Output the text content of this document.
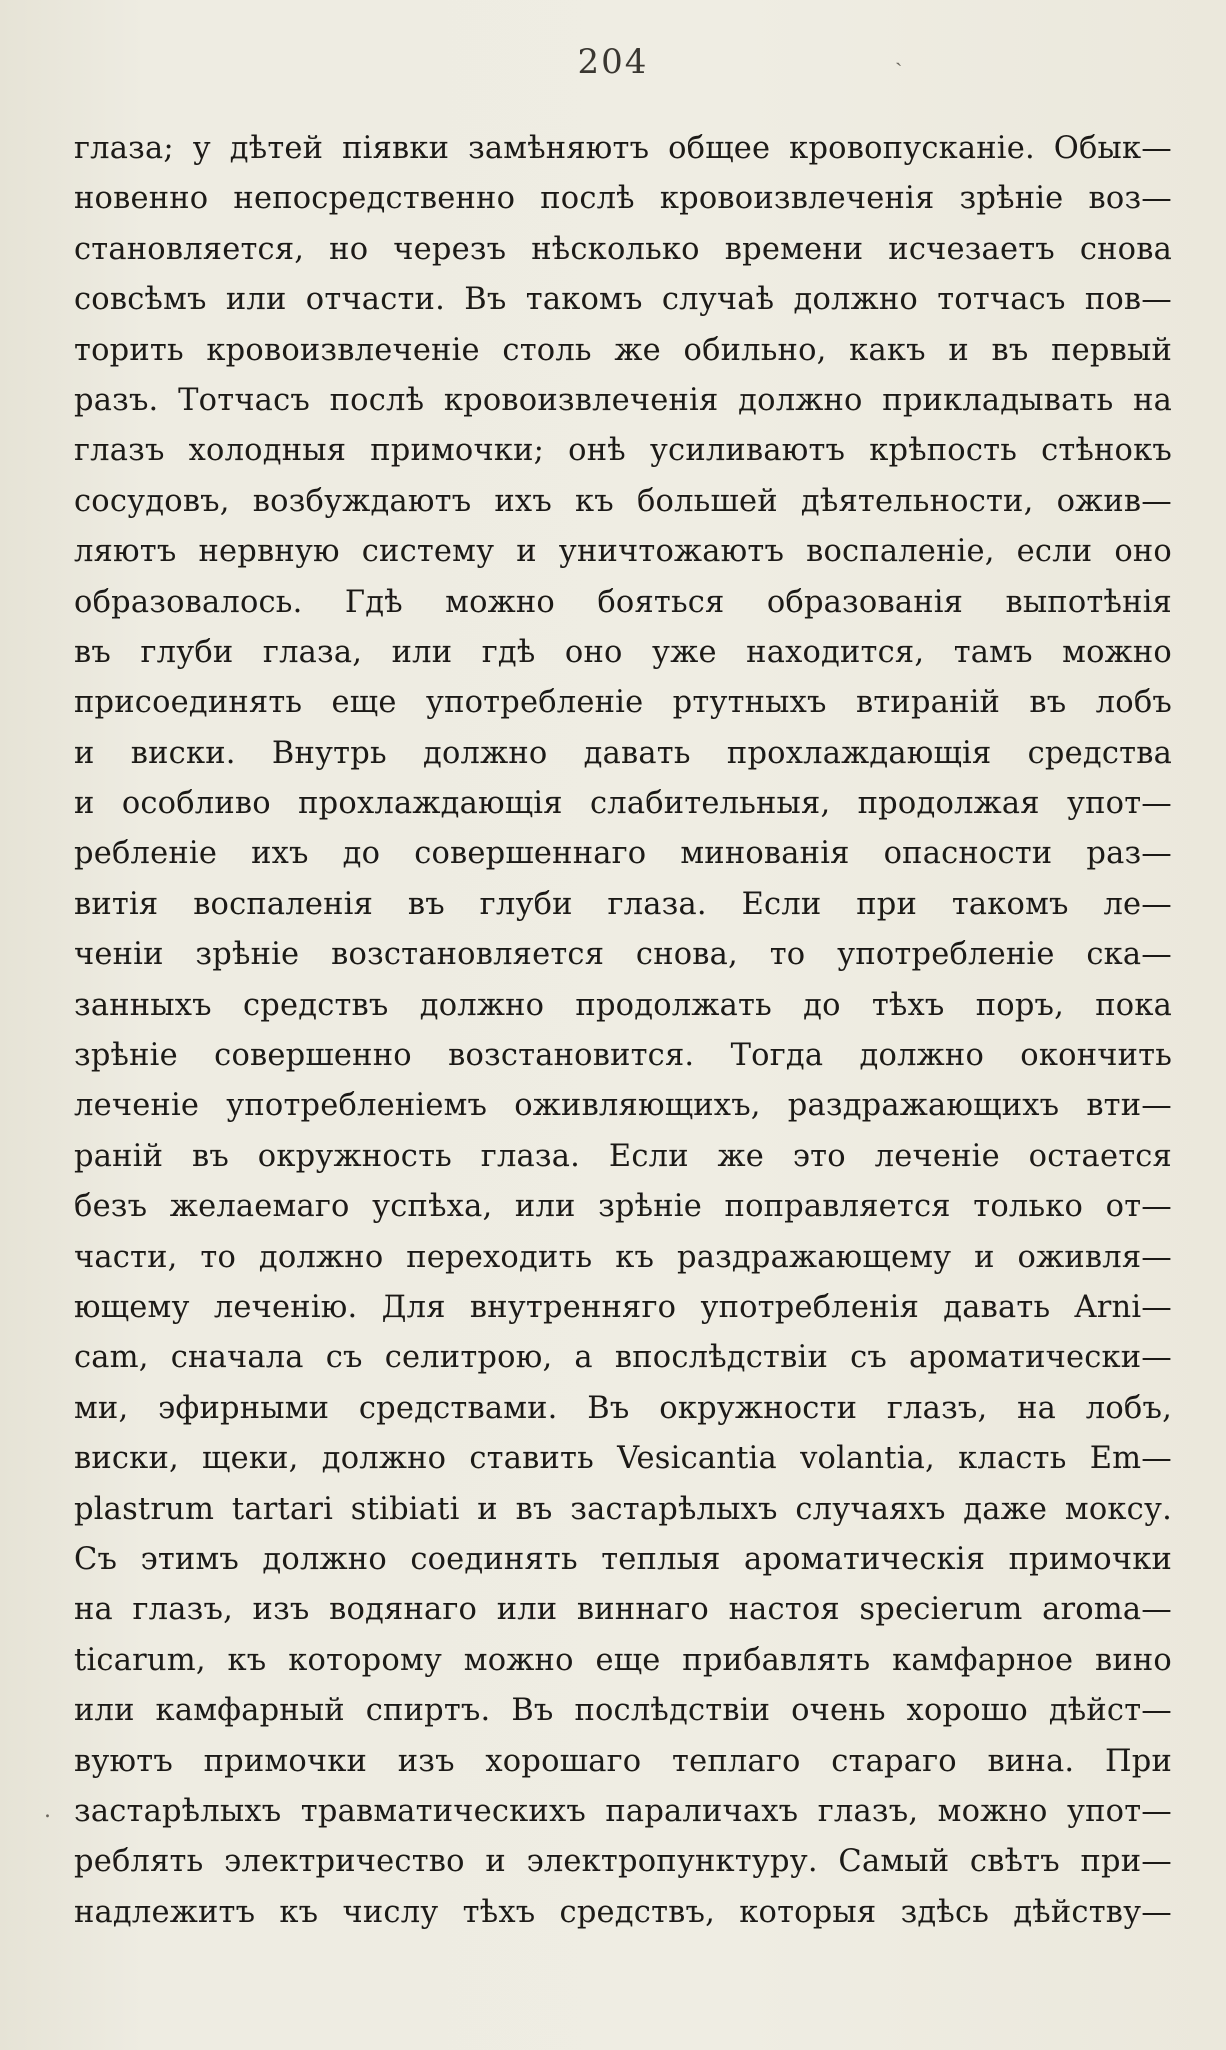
204
глаза; у дѣтей піявки замѣняютъ общее кровопусканіе. Обык—
новенно непосредственно послѣ кровоизвлеченія зрѣніе воз—
становляется, но черезъ нѣсколько времени исчезаетъ снова
совсѣмъ или отчасти. Въ такомъ случаѣ должно тотчасъ пов—
торить кровоизвлеченіе столь же обильно, какъ и въ первый
разъ. Тотчасъ послѣ кровоизвлеченія должно прикладывать на
глазъ холодныя примочки; онѣ усиливаютъ крѣпость стѣнокъ
сосудовъ, возбуждаютъ ихъ къ большей дѣятельности, ожив—
ляютъ нервную систему и уничтожаютъ воспаленіе, если оно
образовалось. Гдѣ можно бояться образованія выпотѣнія
въ глуби глаза, или гдѣ оно уже находится, тамъ можно
присоединять еще употребленіе ртутныхъ втираній въ лобъ
и виски. Внутрь должно давать прохлаждающія средства
и особливо прохлаждающія слабительныя, продолжая упот—
ребленіе ихъ до совершеннаго минованія опасности раз—
витія воспаленія въ глуби глаза. Если при такомъ ле—
ченіи зрѣніе возстановляется снова, то употребленіе ска—
занныхъ средствъ должно продолжать до тѣхъ поръ, пока
зрѣніе совершенно возстановится. Тогда должно окончить
леченіе употребленіемъ оживляющихъ, раздражающихъ вти—
раній въ окружность глаза. Если же это леченіе остается
безъ желаемаго успѣха, или зрѣніе поправляется только от—
части, то должно переходить къ раздражающему и оживля—
ющему леченію. Для внутренняго употребленія давать Arni—
cam, сначала съ селитрою, а впослѣдствіи съ ароматически—
ми, эфирными средствами. Въ окружности глазъ, на лобъ,
виски, щеки, должно ставить Vesicantia volantia, класть Em—
plastrum tartari stibiati и въ застарѣлыхъ случаяхъ даже моксу.
Съ этимъ должно соединять теплыя ароматическія примочки
на глазъ, изъ водянаго или виннаго настоя specierum aroma—
ticarum, къ которому можно еще прибавлять камфарное вино
или камфарный спиртъ. Въ послѣдствіи очень хорошо дѣйст—
вуютъ примочки изъ хорошаго теплаго стараго вина. При
застарѣлыхъ травматическихъ параличахъ глазъ, можно упот—
реблять электричество и электропунктуру. Самый свѣтъ при—
надлежитъ къ числу тѣхъ средствъ, которыя здѣсь дѣйству—
˴
.
